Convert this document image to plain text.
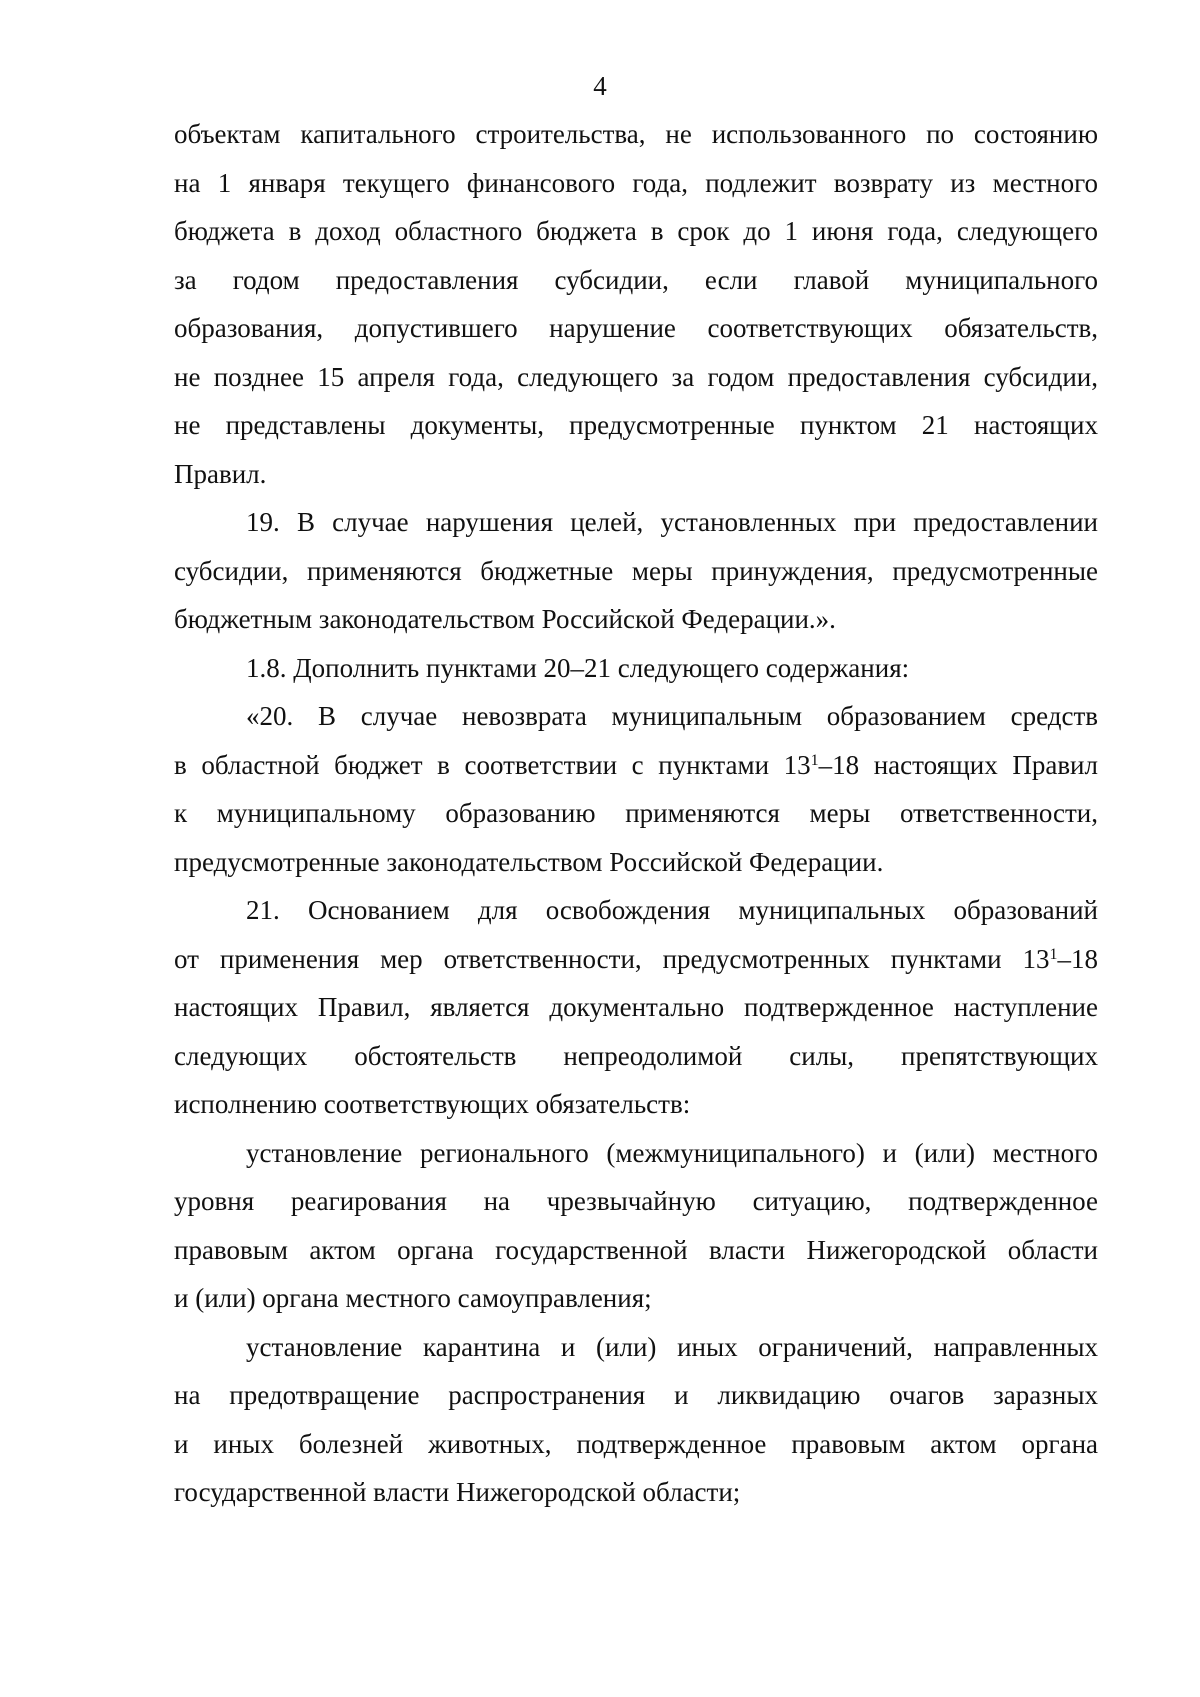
4

объектам капитального строительства, не использованного по состоянию
на 1 января текущего финансового года, подлежит возврату из местного
бюджета в доход областного бюджета в срок до 1 июня года, следующего
за годом предоставления субсидии, если главой муниципального
образования, допустившего нарушение соответствующих обязательств,
не позднее 15 апреля года, следующего за годом предоставления субсидии,
не представлены документы, предусмотренные пунктом 21 настоящих
Правил.

19. В случае нарушения целей, установленных при предоставлении
субсидии, применяются бюджетные меры принуждения, предусмотренные
бюджетным законодательством Российской Федерации.».

1.8. Дополнить пунктами 20–21 следующего содержания:

«20. В случае невозврата муниципальным образованием средств
в областной бюджет в соответствии с пунктами $13^1-18$ настоящих Правил
к муниципальному образованию применяются меры ответственности,
предусмотренные законодательством Российской Федерации.

21. Основанием для освобождения муниципальных образований
от применения мер ответственности, предусмотренных пунктами $13^1-18$
настоящих Правил, является документально подтвержденное наступление
следующих обстоятельств непреодолимой силы, препятствующих
исполнению соответствующих обязательств:

установление регионального (межмуниципального) и (или) местного
уровня реагирования на чрезвычайную ситуацию, подтвержденное
правовым актом органа государственной власти Нижегородской области
и (или) органа местного самоуправления;

установление карантина и (или) иных ограничений, направленных
на предотвращение распространения и ликвидацию очагов заразных
и иных болезней животных, подтвержденное правовым актом органа
государственной власти Нижегородской области;
